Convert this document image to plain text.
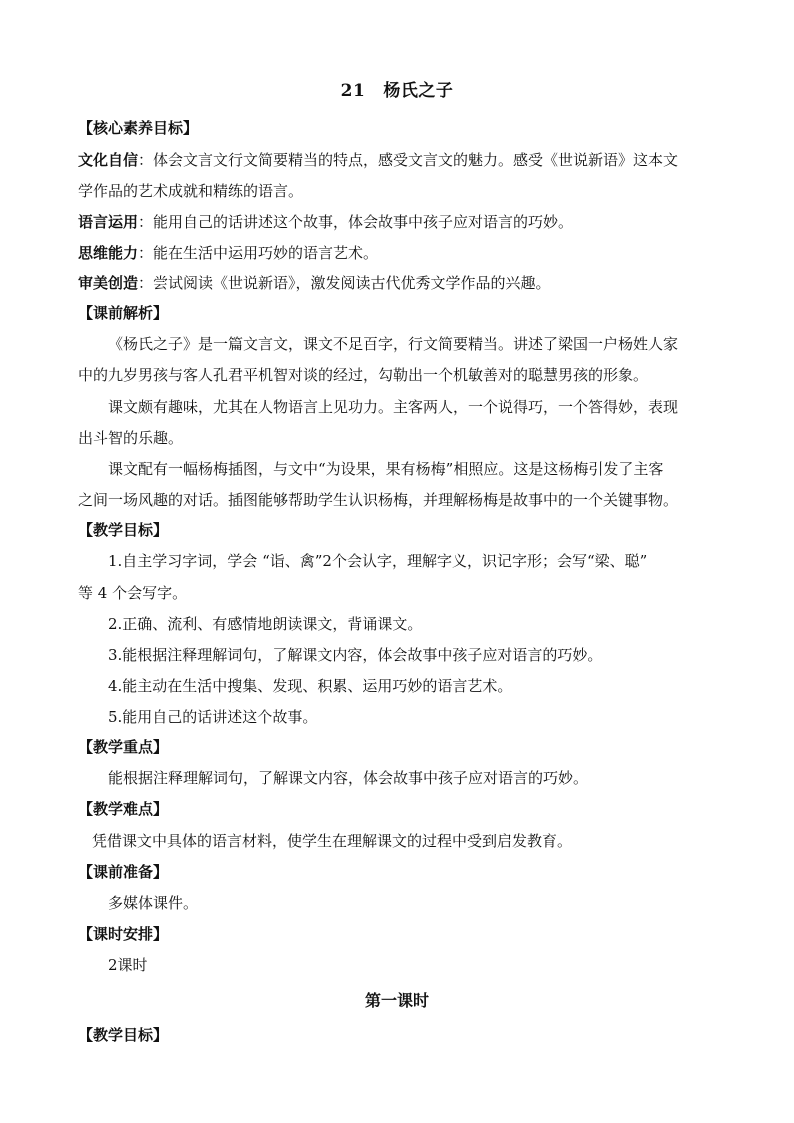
21 杨氏之子
【核心素养目标】
文化自信：体会文言文行文简要精当的特点，感受文言文的魅力。感受《世说新语》这本文
学作品的艺术成就和精练的语言。
语言运用：能用自己的话讲述这个故事，体会故事中孩子应对语言的巧妙。
思维能力：能在生活中运用巧妙的语言艺术。
审美创造：尝试阅读《世说新语》，激发阅读古代优秀文学作品的兴趣。
【课前解析】
《杨氏之子》是一篇文言文，课文不足百字，行文简要精当。讲述了梁国一户杨姓人家
中的九岁男孩与客人孔君平机智对谈的经过，勾勒出一个机敏善对的聪慧男孩的形象。
课文颇有趣味，尤其在人物语言上见功力。主客两人，一个说得巧，一个答得妙，表现
出斗智的乐趣。
课文配有一幅杨梅插图，与文中“为设果，果有杨梅”相照应。这是这杨梅引发了主客
之间一场风趣的对话。插图能够帮助学生认识杨梅，并理解杨梅是故事中的一个关键事物。
【教学目标】
1.自主学习字词，学会 “诣、禽”2个会认字，理解字义，识记字形；会写“梁、聪”
等 4 个会写字。
2.正确、流利、有感情地朗读课文，背诵课文。
3.能根据注释理解词句，了解课文内容，体会故事中孩子应对语言的巧妙。
4.能主动在生活中搜集、发现、积累、运用巧妙的语言艺术。
5.能用自己的话讲述这个故事。
【教学重点】
能根据注释理解词句，了解课文内容，体会故事中孩子应对语言的巧妙。
【教学难点】
凭借课文中具体的语言材料，使学生在理解课文的过程中受到启发教育。
【课前准备】
多媒体课件。
【课时安排】
2课时
第一课时
【教学目标】
